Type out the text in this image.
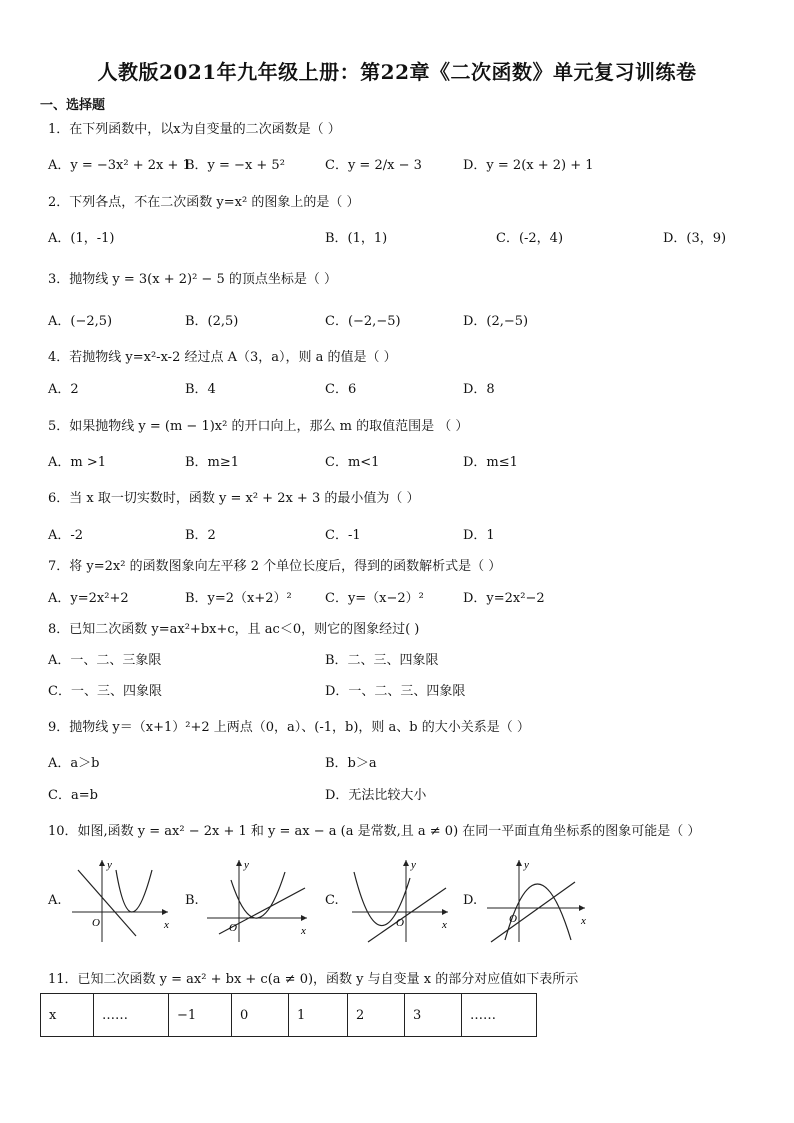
人教版2021年九年级上册：第22章《二次函数》单元复习训练卷
一、选择题
1．在下列函数中，以x为自变量的二次函数是（ ）
A．y = −3x² + 2x + 1
B．y = −x + 5²	C．y = 2/x − 3	D．y = 2(x + 2) + 1
2．下列各点，不在二次函数 y=x² 的图象上的是（ ）
A．(1，-1)	B．(1，1)	C．(-2，4)	D．(3，9)
3．抛物线 y = 3(x + 2)² − 5 的顶点坐标是（ ）
A．(−2,5)	B．(2,5)	C．(−2,−5)	D．(2,−5)
4．若抛物线 y=x²-x-2 经过点 A（3，a），则 a 的值是（ ）
A．2	B．4	C．6	D．8
5．如果抛物线 y = (m − 1)x² 的开口向上，那么 m 的取值范围是 （ ）
A．m >1	B．m≥1	C．m<1	D．m≤1
6．当 x 取一切实数时，函数 y = x² + 2x + 3 的最小值为（ ）
A．-2	B．2	C．-1	D．1
7．将 y=2x² 的函数图象向左平移 2 个单位长度后，得到的函数解析式是（ ）
A．y=2x²+2	B．y=2（x+2）²	C．y=（x−2）²	D．y=2x²−2
8．已知二次函数 y=ax²+bx+c，且 ac＜0，则它的图象经过( )
A．一、二、三象限	B．二、三、四象限
C．一、三、四象限	D．一、二、三、四象限
9．抛物线 y＝（x+1）²+2 上两点（0，a）、(-1，b)，则 a、b 的大小关系是（ ）
A．a＞b	B．b＞a
C．a=b	D．无法比较大小
10．如图,函数 y = ax² − 2x + 1 和 y = ax − a (a 是常数,且 a ≠ 0) 在同一平面直角坐标系的图象可能是（ ）
A.
y
x
O
B.
y
x
O
C.
y
x
O
D.
y
x
O
11．已知二次函数 y = ax² + bx + c(a ≠ 0)，函数 y 与自变量 x 的部分对应值如下表所示
x	……	−1	0	1	2	3	……
